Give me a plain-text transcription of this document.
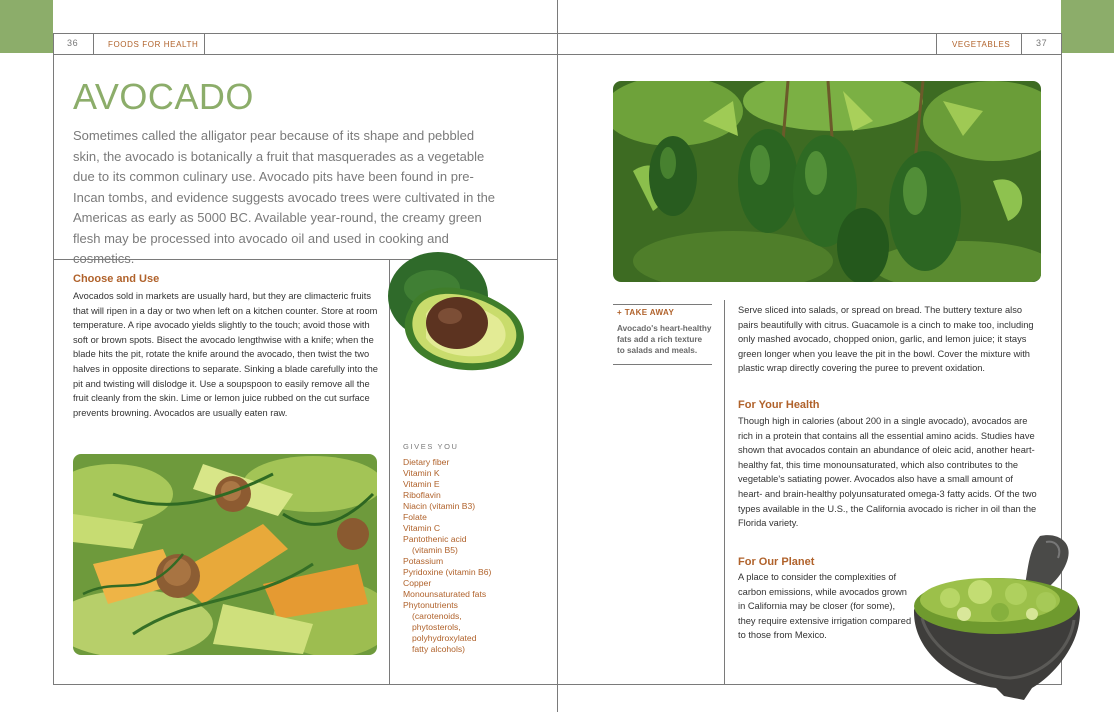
36	FOODS FOR HEALTH	VEGETABLES	37
AVOCADO
Sometimes called the alligator pear because of its shape and pebbled skin, the avocado is botanically a fruit that masquerades as a vegetable due to its common culinary use. Avocado pits have been found in pre-Incan tombs, and evidence suggests avocado trees were cultivated in the Americas as early as 5000 BC. Available year-round, the creamy green flesh may be processed into avocado oil and used in cooking and cosmetics.
Choose and Use
Avocados sold in markets are usually hard, but they are climacteric fruits that will ripen in a day or two when left on a kitchen counter. Store at room temperature. A ripe avocado yields slightly to the touch; avoid those with soft or brown spots. Bisect the avocado lengthwise with a knife; when the blade hits the pit, rotate the knife around the avocado, then twist the two halves in opposite directions to separate. Sinking a blade carefully into the pit and twisting will dislodge it. Use a soupspoon to easily remove all the fruit cleanly from the skin. Lime or lemon juice rubbed on the cut surface prevents browning. Avocados are usually eaten raw.
GIVES YOU
Dietary fiber
Vitamin K
Vitamin E
Riboflavin
Niacin (vitamin B3)
Folate
Vitamin C
Pantothenic acid
(vitamin B5)
Potassium
Pyridoxine (vitamin B6)
Copper
Monounsaturated fats
Phytonutrients
(carotenoids,
phytosterols,
polyhydroxylated
fatty alcohols)
+ TAKE AWAY
Avocado's heart-healthy fats add a rich texture to salads and meals.
Serve sliced into salads, or spread on bread. The buttery texture also pairs beautifully with citrus. Guacamole is a cinch to make too, including only mashed avocado, chopped onion, garlic, and lemon juice; it stays green longer when you leave the pit in the bowl. Cover the mixture with plastic wrap directly covering the puree to prevent oxidation.
For Your Health
Though high in calories (about 200 in a single avocado), avocados are rich in a protein that contains all the essential amino acids. Studies have shown that avocados contain an abundance of oleic acid, another heart-healthy fat, this time monounsaturated, which also contributes to the vegetable's satiating power. Avocados also have a small amount of heart- and brain-healthy polyunsaturated omega-3 fatty acids. Of the two types available in the U.S., the California avocado is richer in oil than the Florida variety.
For Our Planet
A place to consider the complexities of carbon emissions, while avocados grown in California may be closer (for some), they require extensive irrigation compared to those from Mexico.
